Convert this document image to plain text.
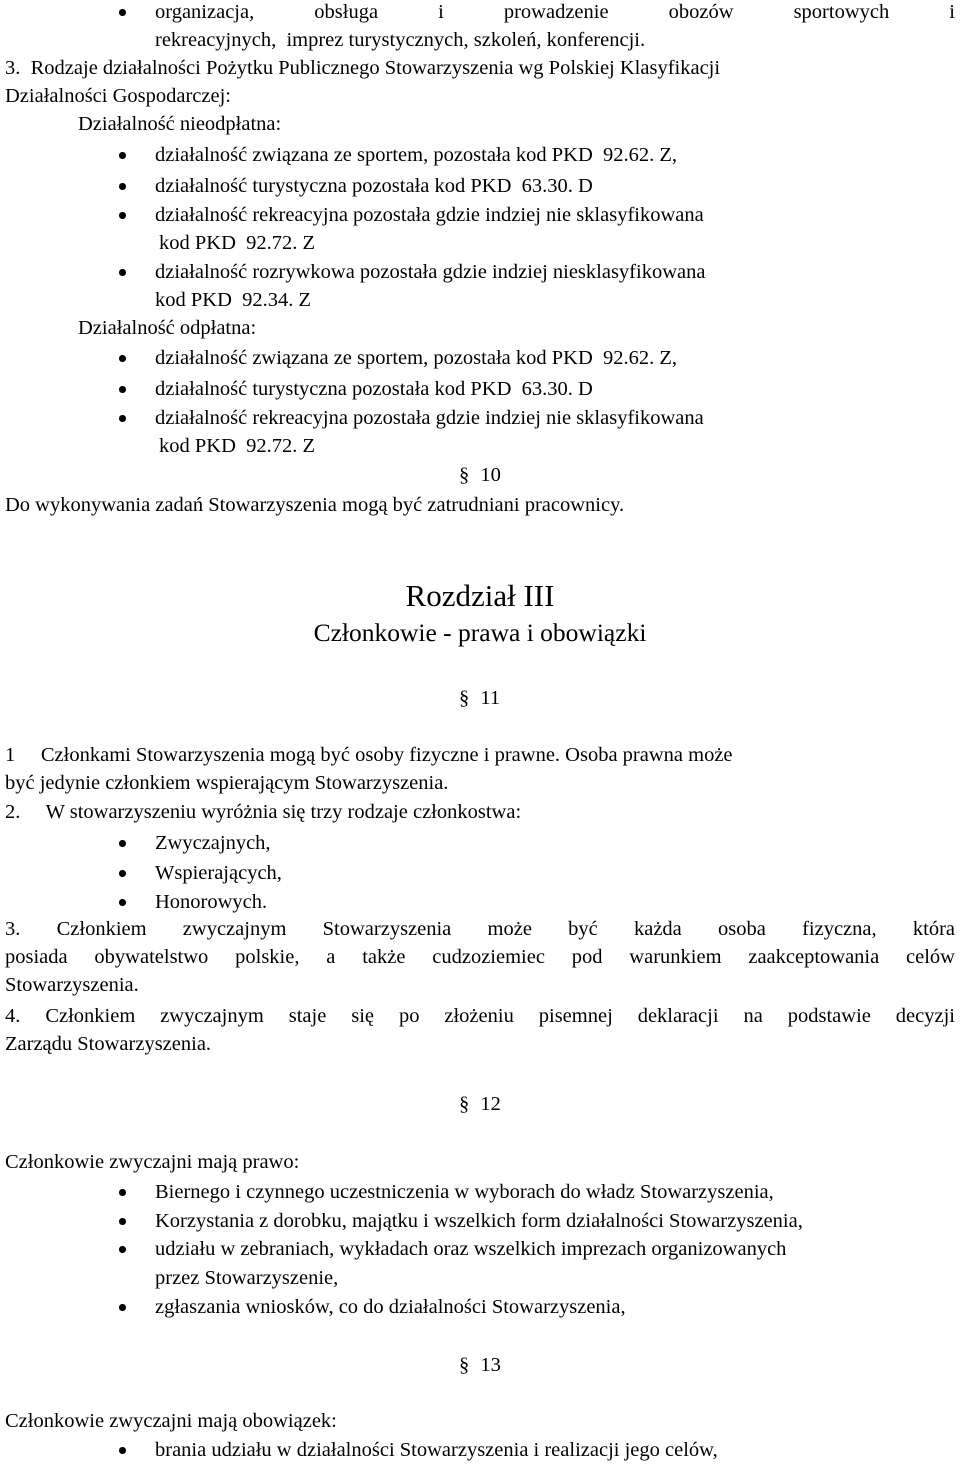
organizacja, obsługa i prowadzenie obozów sportowych i
rekreacyjnych,  imprez turystycznych, szkoleń, konferencji.
3.  Rodzaje działalności Pożytku Publicznego Stowarzyszenia wg Polskiej Klasyfikacji
Działalności Gospodarczej:
Działalność nieodpłatna:
działalność związana ze sportem, pozostała kod PKD  92.62. Z,
działalność turystyczna pozostała kod PKD  63.30. D
działalność rekreacyjna pozostała gdzie indziej nie sklasyfikowana
kod PKD  92.72. Z
działalność rozrywkowa pozostała gdzie indziej niesklasyfikowana
kod PKD  92.34. Z
Działalność odpłatna:
działalność związana ze sportem, pozostała kod PKD  92.62. Z,
działalność turystyczna pozostała kod PKD  63.30. D
działalność rekreacyjna pozostała gdzie indziej nie sklasyfikowana
kod PKD  92.72. Z
§ 10
Do wykonywania zadań Stowarzyszenia mogą być zatrudniani pracownicy.
Rozdział III
Członkowie - prawa i obowiązki
§ 11
1     Członkami Stowarzyszenia mogą być osoby fizyczne i prawne. Osoba prawna może
być jedynie członkiem wspierającym Stowarzyszenia.
2.     W stowarzyszeniu wyróżnia się trzy rodzaje członkostwa:
Zwyczajnych,
Wspierających,
Honorowych.
3. Członkiem zwyczajnym Stowarzyszenia może być każda osoba fizyczna, która
posiada obywatelstwo polskie, a także cudzoziemiec pod warunkiem zaakceptowania celów
Stowarzyszenia.
4. Członkiem zwyczajnym staje się po złożeniu pisemnej deklaracji na podstawie decyzji
Zarządu Stowarzyszenia.
§ 12
Członkowie zwyczajni mają prawo:
Biernego i czynnego uczestniczenia w wyborach do władz Stowarzyszenia,
Korzystania z dorobku, majątku i wszelkich form działalności Stowarzyszenia,
udziału w zebraniach, wykładach oraz wszelkich imprezach organizowanych
przez Stowarzyszenie,
zgłaszania wniosków, co do działalności Stowarzyszenia,
§ 13
Członkowie zwyczajni mają obowiązek:
brania udziału w działalności Stowarzyszenia i realizacji jego celów,
